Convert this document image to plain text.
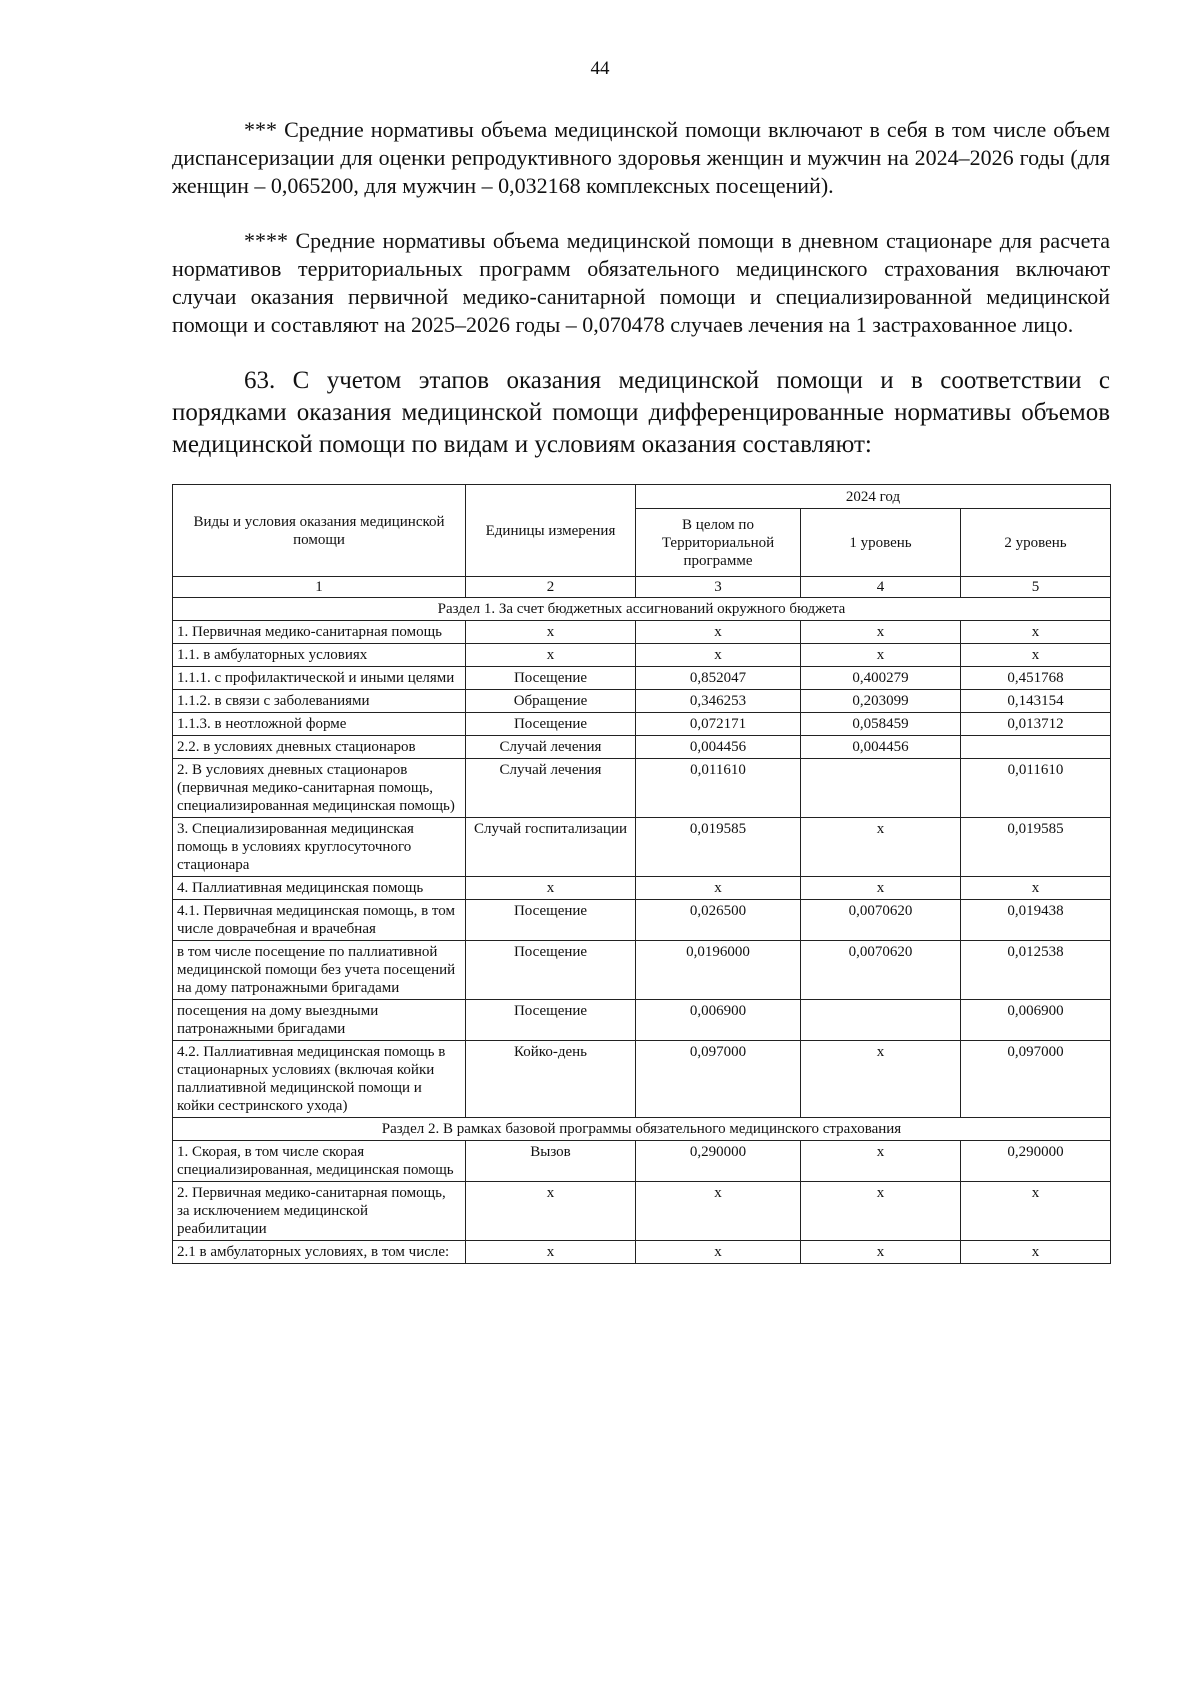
44

*** Средние нормативы объема медицинской помощи включают в себя в том числе объем диспансеризации для оценки репродуктивного здоровья женщин и мужчин на 2024–2026 годы (для женщин – 0,065200, для мужчин – 0,032168 комплексных посещений).

**** Средние нормативы объема медицинской помощи в дневном стационаре для расчета нормативов территориальных программ обязательного медицинского страхования включают случаи оказания первичной медико-санитарной помощи и специализированной медицинской помощи и составляют на 2025–2026 годы – 0,070478 случаев лечения на 1 застрахованное лицо.

63. С учетом этапов оказания медицинской помощи и в соответствии с порядками оказания медицинской помощи дифференцированные нормативы объемов медицинской помощи по видам и условиям оказания составляют:

Виды и условия оказания медицинской помощи	Единицы измерения	2024 год		
		В целом по Территориальной программе	1 уровень	2 уровень
1	2	3	4	5
Раздел 1. За счет бюджетных ассигнований окружного бюджета				
1. Первичная медико-санитарная помощь	х	х	х	х
1.1. в амбулаторных условиях	х	х	х	х
1.1.1. с профилактической и иными целями	Посещение	0,852047	0,400279	0,451768
1.1.2. в связи с заболеваниями	Обращение	0,346253	0,203099	0,143154
1.1.3. в неотложной форме	Посещение	0,072171	0,058459	0,013712
2.2. в условиях дневных стационаров	Случай лечения	0,004456	0,004456	
2. В условиях дневных стационаров (первичная медико-санитарная помощь, специализированная медицинская помощь)	Случай лечения	0,011610		0,011610
3. Специализированная медицинская помощь в условиях круглосуточного стационара	Случай госпитализации	0,019585	х	0,019585
4. Паллиативная медицинская помощь	х	х	х	х
4.1. Первичная медицинская помощь, в том числе доврачебная и врачебная	Посещение	0,026500	0,0070620	0,019438
в том числе посещение по паллиативной медицинской помощи без учета посещений на дому патронажными бригадами	Посещение	0,0196000	0,0070620	0,012538
посещения на дому выездными патронажными бригадами	Посещение	0,006900		0,006900
4.2. Паллиативная медицинская помощь в стационарных условиях (включая койки паллиативной медицинской помощи и койки сестринского ухода)	Койко-день	0,097000	х	0,097000
Раздел 2. В рамках базовой программы обязательного медицинского страхования				
1. Скорая, в том числе скорая специализированная, медицинская помощь	Вызов	0,290000	х	0,290000
2. Первичная медико-санитарная помощь, за исключением медицинской реабилитации	х	х	х	х
2.1 в амбулаторных условиях, в том числе:	х	х	х	х
